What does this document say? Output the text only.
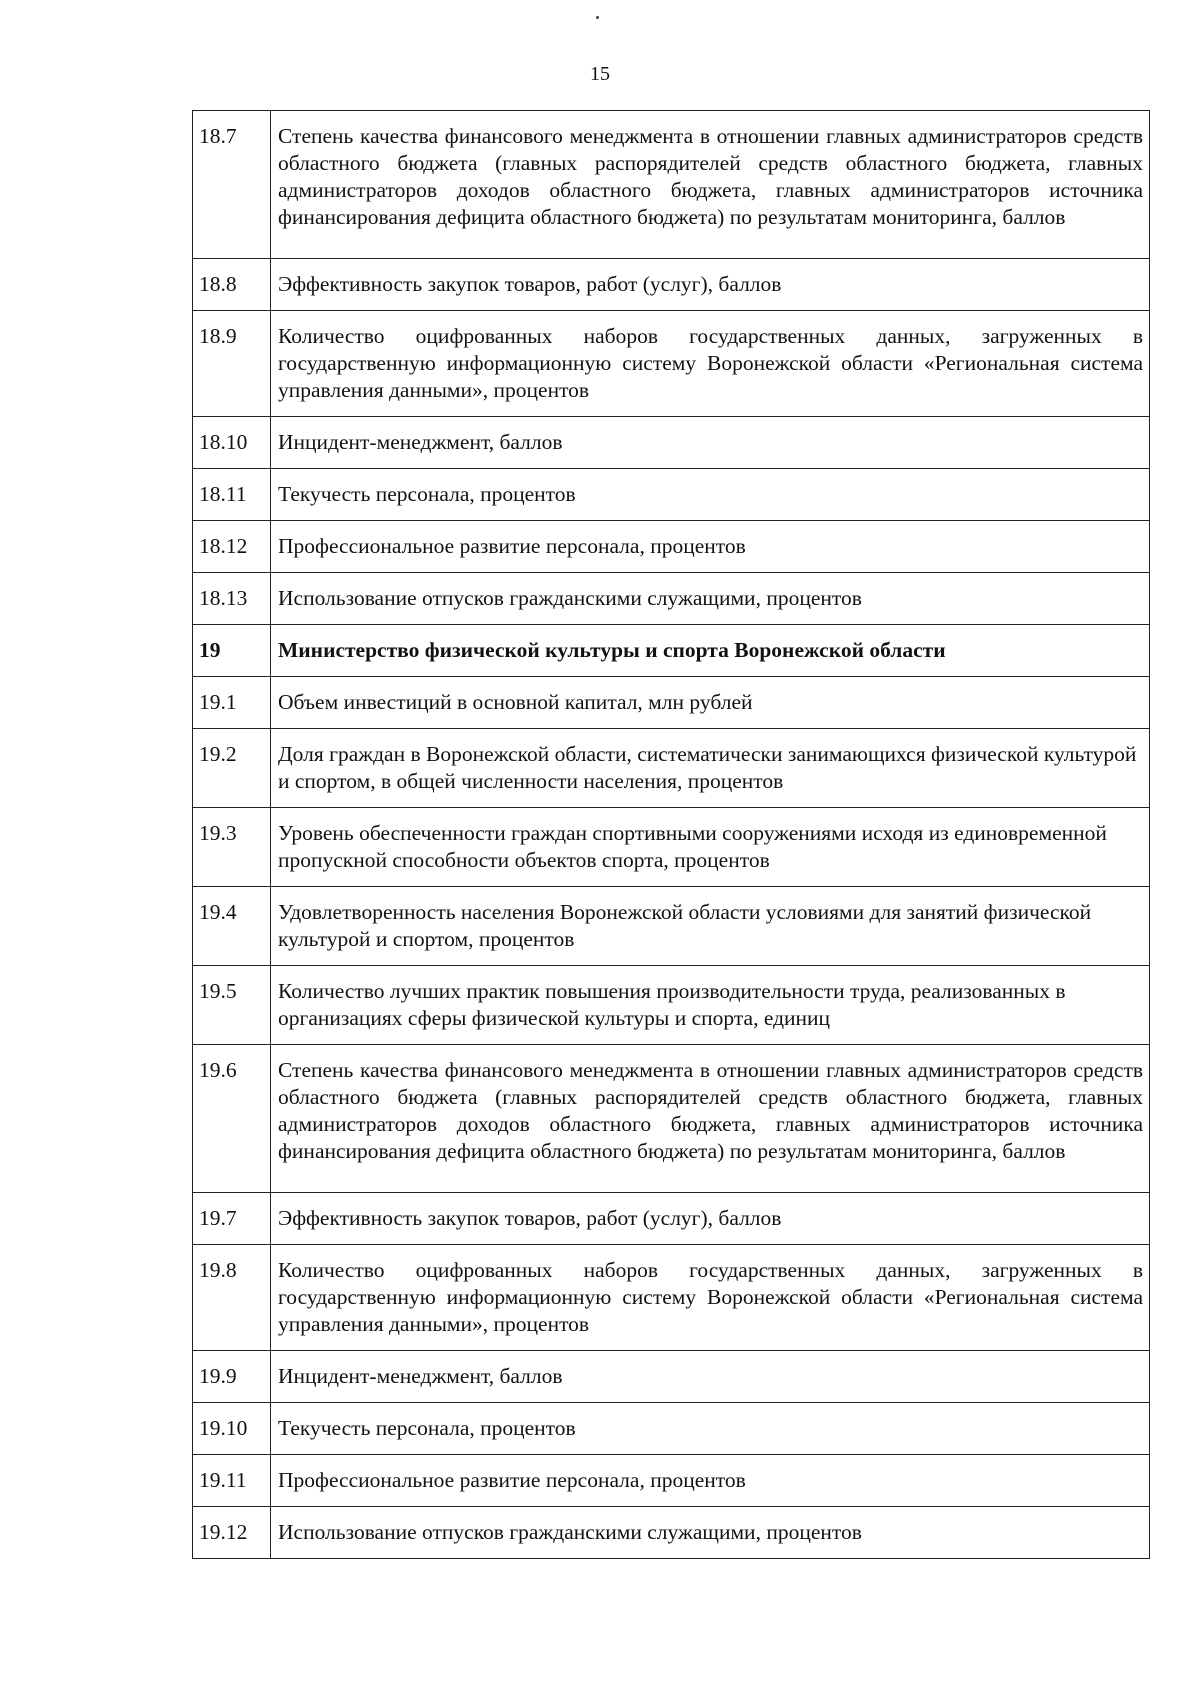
15
18.7	Степень качества финансового менеджмента в отношении главных администраторов средств областного бюджета (главных распорядителей средств областного бюджета, главных администраторов доходов областного бюджета, главных администраторов источника финансирования дефицита областного бюджета) по результатам мониторинга, баллов
18.8	Эффективность закупок товаров, работ (услуг), баллов
18.9	Количество оцифрованных наборов государственных данных, загруженных в государственную информационную систему Воронежской области «Региональная система управления данными», процентов
18.10	Инцидент-менеджмент, баллов
18.11	Текучесть персонала, процентов
18.12	Профессиональное развитие персонала, процентов
18.13	Использование отпусков гражданскими служащими, процентов
19	Министерство физической культуры и спорта Воронежской области
19.1	Объем инвестиций в основной капитал, млн рублей
19.2	Доля граждан в Воронежской области, систематически занимающихся физической культурой и спортом, в общей численности населения, процентов
19.3	Уровень обеспеченности граждан спортивными сооружениями исходя из единовременной пропускной способности объектов спорта, процентов
19.4	Удовлетворенность населения Воронежской области условиями для занятий физической культурой и спортом, процентов
19.5	Количество лучших практик повышения производительности труда, реализованных в организациях сферы физической культуры и спорта, единиц
19.6	Степень качества финансового менеджмента в отношении главных администраторов средств областного бюджета (главных распорядителей средств областного бюджета, главных администраторов доходов областного бюджета, главных администраторов источника финансирования дефицита областного бюджета) по результатам мониторинга, баллов
19.7	Эффективность закупок товаров, работ (услуг), баллов
19.8	Количество оцифрованных наборов государственных данных, загруженных в государственную информационную систему Воронежской области «Региональная система управления данными», процентов
19.9	Инцидент-менеджмент, баллов
19.10	Текучесть персонала, процентов
19.11	Профессиональное развитие персонала, процентов
19.12	Использование отпусков гражданскими служащими, процентов
